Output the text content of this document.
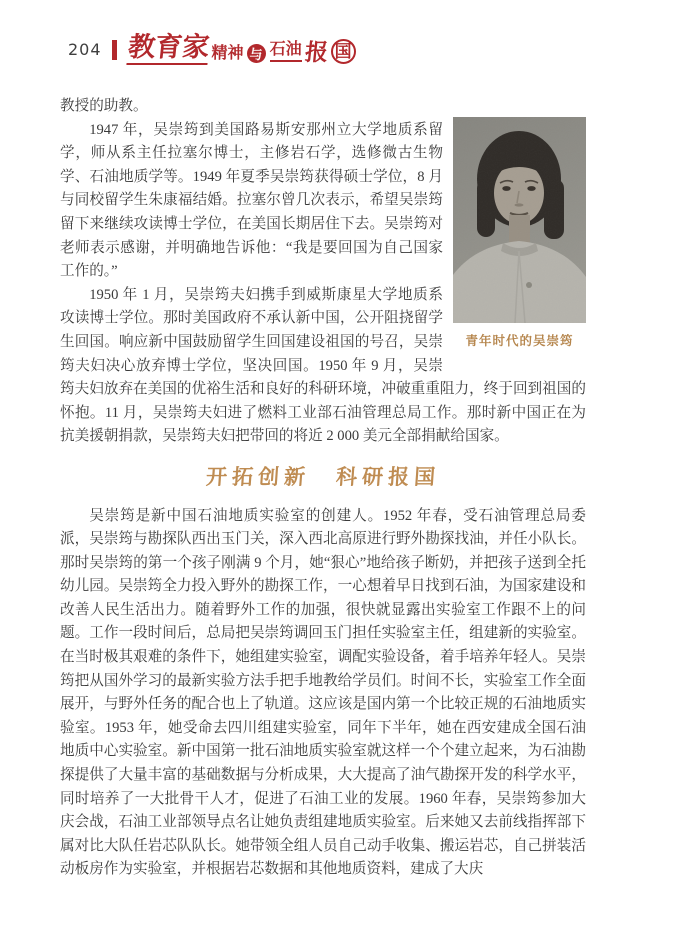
204 教育家 精神 与 石油 报 国
青年时代的吴崇筠

教授的助教。

1947 年，吴崇筠到美国路易斯安那州立大学地质系留学，师从系主任拉塞尔博士，主修岩石学，选修微古生物学、石油地质学等。1949 年夏季吴崇筠获得硕士学位，8 月与同校留学生朱康福结婚。拉塞尔曾几次表示，希望吴崇筠留下来继续攻读博士学位，在美国长期居住下去。吴崇筠对老师表示感谢，并明确地告诉他：“我是要回国为自己国家工作的。”

1950 年 1 月，吴崇筠夫妇携手到威斯康星大学地质系攻读博士学位。那时美国政府不承认新中国，公开阻挠留学生回国。响应新中国鼓励留学生回国建设祖国的号召，吴崇筠夫妇决心放弃博士学位，坚决回国。1950 年 9 月，吴崇筠夫妇放弃在美国的优裕生活和良好的科研环境，冲破重重阻力，终于回到祖国的怀抱。11 月，吴崇筠夫妇进了燃料工业部石油管理总局工作。那时新中国正在为抗美援朝捐款，吴崇筠夫妇把带回的将近 2 000 美元全部捐献给国家。

开拓创新　科研报国

吴崇筠是新中国石油地质实验室的创建人。1952 年春，受石油管理总局委派，吴崇筠与勘探队西出玉门关，深入西北高原进行野外勘探找油，并任小队长。那时吴崇筠的第一个孩子刚满 9 个月，她“狠心”地给孩子断奶，并把孩子送到全托幼儿园。吴崇筠全力投入野外的勘探工作，一心想着早日找到石油，为国家建设和改善人民生活出力。随着野外工作的加强，很快就显露出实验室工作跟不上的问题。工作一段时间后，总局把吴崇筠调回玉门担任实验室主任，组建新的实验室。在当时极其艰难的条件下，她组建实验室，调配实验设备，着手培养年轻人。吴崇筠把从国外学习的最新实验方法手把手地教给学员们。时间不长，实验室工作全面展开，与野外任务的配合也上了轨道。这应该是国内第一个比较正规的石油地质实验室。1953 年，她受命去四川组建实验室，同年下半年，她在西安建成全国石油地质中心实验室。新中国第一批石油地质实验室就这样一个个建立起来，为石油勘探提供了大量丰富的基础数据与分析成果，大大提高了油气勘探开发的科学水平，同时培养了一大批骨干人才，促进了石油工业的发展。1960 年春，吴崇筠参加大庆会战，石油工业部领导点名让她负责组建地质实验室。后来她又去前线指挥部下属对比大队任岩芯队队长。她带领全组人员自己动手收集、搬运岩芯，自己拼装活动板房作为实验室，并根据岩芯数据和其他地质资料，建成了大庆
